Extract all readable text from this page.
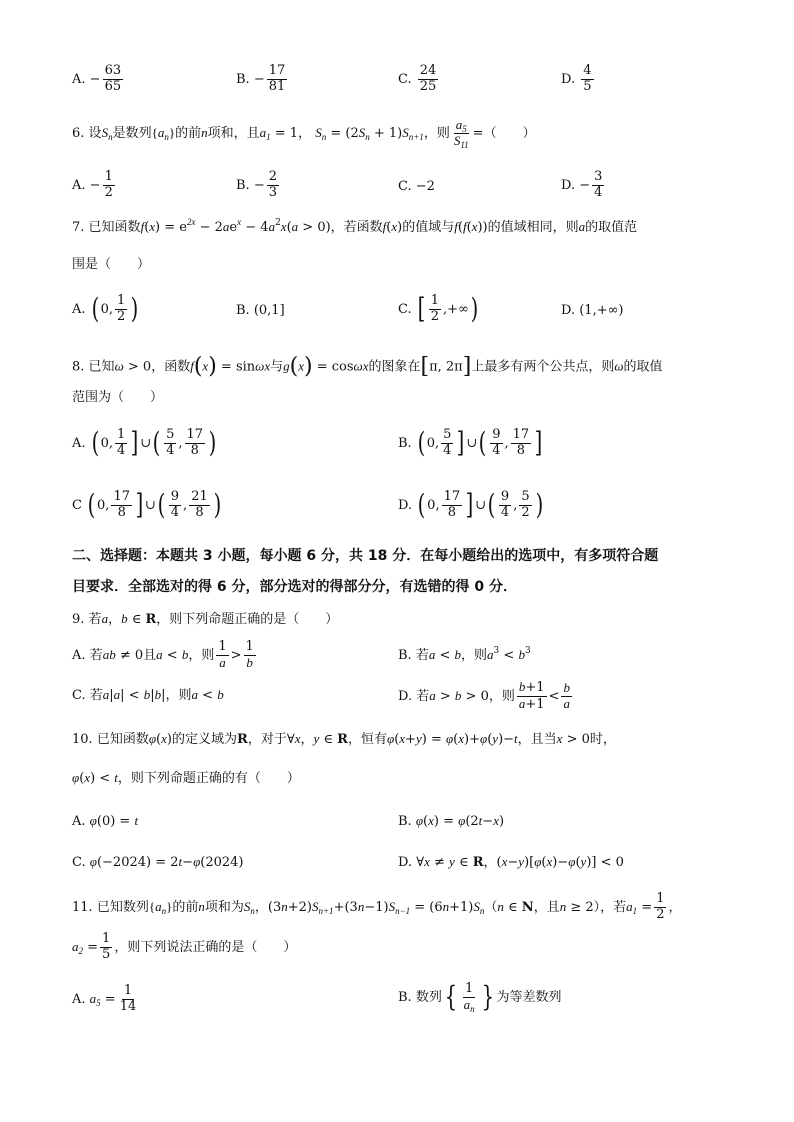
A. − $\frac{63}{65}$	B. − $\frac{17}{81}$	C. $\frac{24}{25}$	D. $\frac{4}{5}$
6. 设$S_n$是数列$\{a_n\}$的前n项和，且$a_1 = 1$， $S_n = (2S_n + 1)S_{n+1}$，则 $\frac{a_5}{S_{11}}$ =（　　）
A. − $\frac{1}{2}$	B. − $\frac{2}{3}$	C. −2	D. − $\frac{3}{4}$
7. 已知函数$f(x) = e^{2x} - 2ae^x - 4a^2x(a > 0)$，若函数f(x)的值域与f(f(x))的值域相同，则a的取值范
围是（　　）
A. ( 0, $\frac{1}{2}$ )	B. (0,1]	C. [ $\frac{1}{2}$ ,+∞)	D. (1,+∞)
8. 已知ω > 0，函数f(x) = sinωx与g(x) = cosωx的图象在[π, 2π]上最多有两个公共点，则ω的取值
范围为（　　）
A. ( 0, $\frac{1}{4}$ ] ∪( $\frac{5}{4}$ , $\frac{17}{8}$ )	B. ( 0, $\frac{5}{4}$ ] ∪( $\frac{9}{4}$ , $\frac{17}{8}$ ]
C ( 0, $\frac{17}{8}$ ] ∪( $\frac{9}{4}$ , $\frac{21}{8}$ )	D. ( 0, $\frac{17}{8}$ ] ∪( $\frac{9}{4}$ , $\frac{5}{2}$ )
二、选择题：本题共 3 小题，每小题 6 分，共 18 分．在每小题给出的选项中，有多项符合题
目要求．全部选对的得 6 分，部分选对的得部分分，有选错的得 0 分．
9. 若a，b ∈ R，则下列命题正确的是（　　）
A. 若ab ≠ 0且a < b，则 $\frac{1}{a} > \frac{1}{b}$	B. 若a < b，则$a^3 < b^3$
C. 若a|a| < b|b|，则a < b	D. 若a > b > 0，则 $\frac{b+1}{a+1} < \frac{b}{a}$
10. 已知函数φ(x)的定义域为R，对于∀x，y ∈ R，恒有φ(x+y) = φ(x)+φ(y)−t，且当x > 0时，
φ(x) < t，则下列命题正确的有（　　）
A. φ(0) = t	B. φ(x) = φ(2t−x)
C. φ(−2024) = 2t−φ(2024)	D. ∀x ≠ y ∈ R，(x−y)[φ(x)−φ(y)] < 0
11. 已知数列$\{a_n\}$的前n项和为$S_n$，$(3n+2)S_{n+1}+(3n-1)S_{n-1} = (6n+1)S_n(n$ ∈ N，且n ≥ 2），若$a_1 = \frac{1}{2}$ ，
$a_2 = \frac{1}{5}$ ，则下列说法正确的是（　　）
A. $a_5 = \frac{1}{14}$	B. 数列{ $\frac{1}{a_n}$ } 为等差数列
